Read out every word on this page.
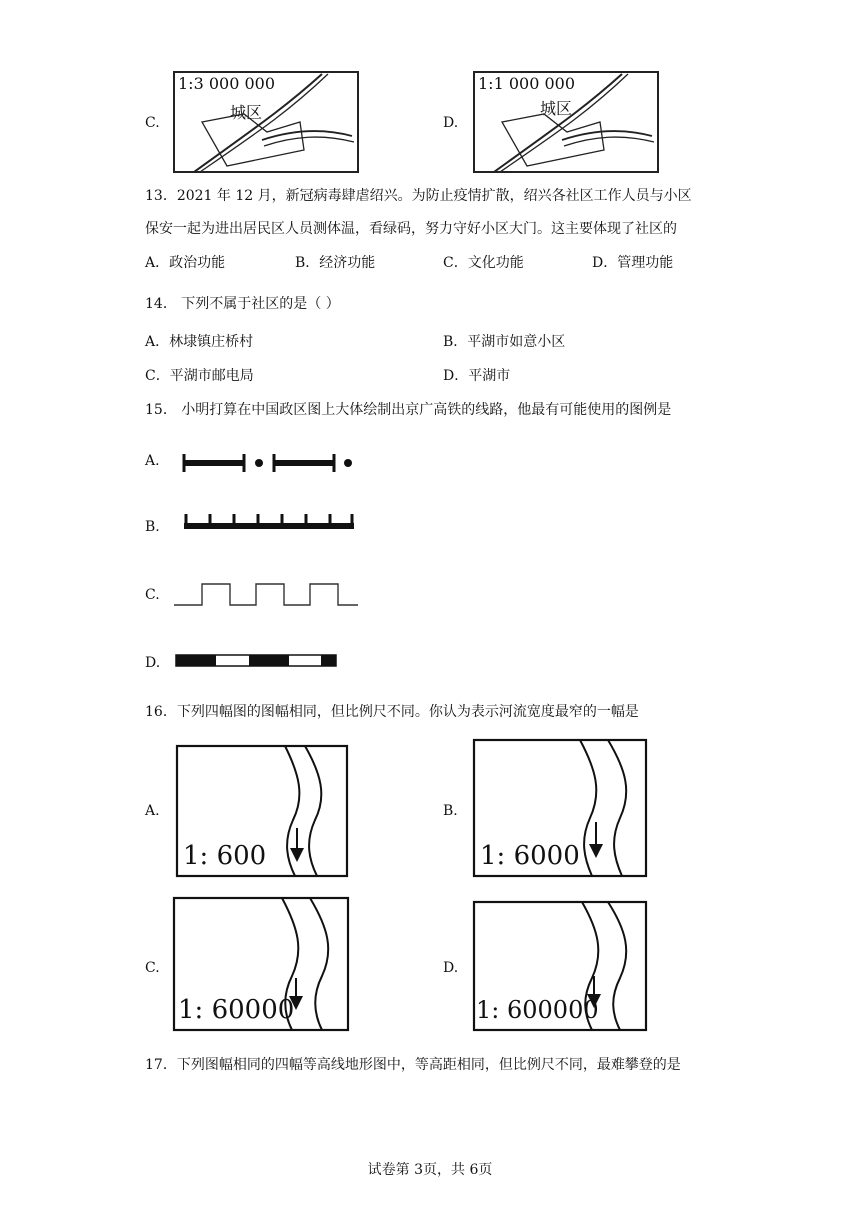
C.
1:3 000 000
城区
D.
1:1 000 000
城区
13．2021 年 12 月，新冠病毒肆虐绍兴。为防止疫情扩散，绍兴各社区工作人员与小区
保安一起为进出居民区人员测体温，看绿码，努力守好小区大门。这主要体现了社区的
A．政治功能	B．经济功能	C．文化功能	D．管理功能
14． 下列不属于社区的是（ ）
A．林埭镇庄桥村	B．平湖市如意小区
C．平湖市邮电局	D．平湖市
15． 小明打算在中国政区图上大体绘制出京广高铁的线路，他最有可能使用的图例是
A.
B.
C.
D.
16．下列四幅图的图幅相同，但比例尺不同。你认为表示河流宽度最窄的一幅是
A.
1: 600
B.
1: 6000
C.
1: 60000
D.
1: 600000
17．下列图幅相同的四幅等高线地形图中，等高距相同，但比例尺不同，最难攀登的是
试卷第 3页，共 6页
